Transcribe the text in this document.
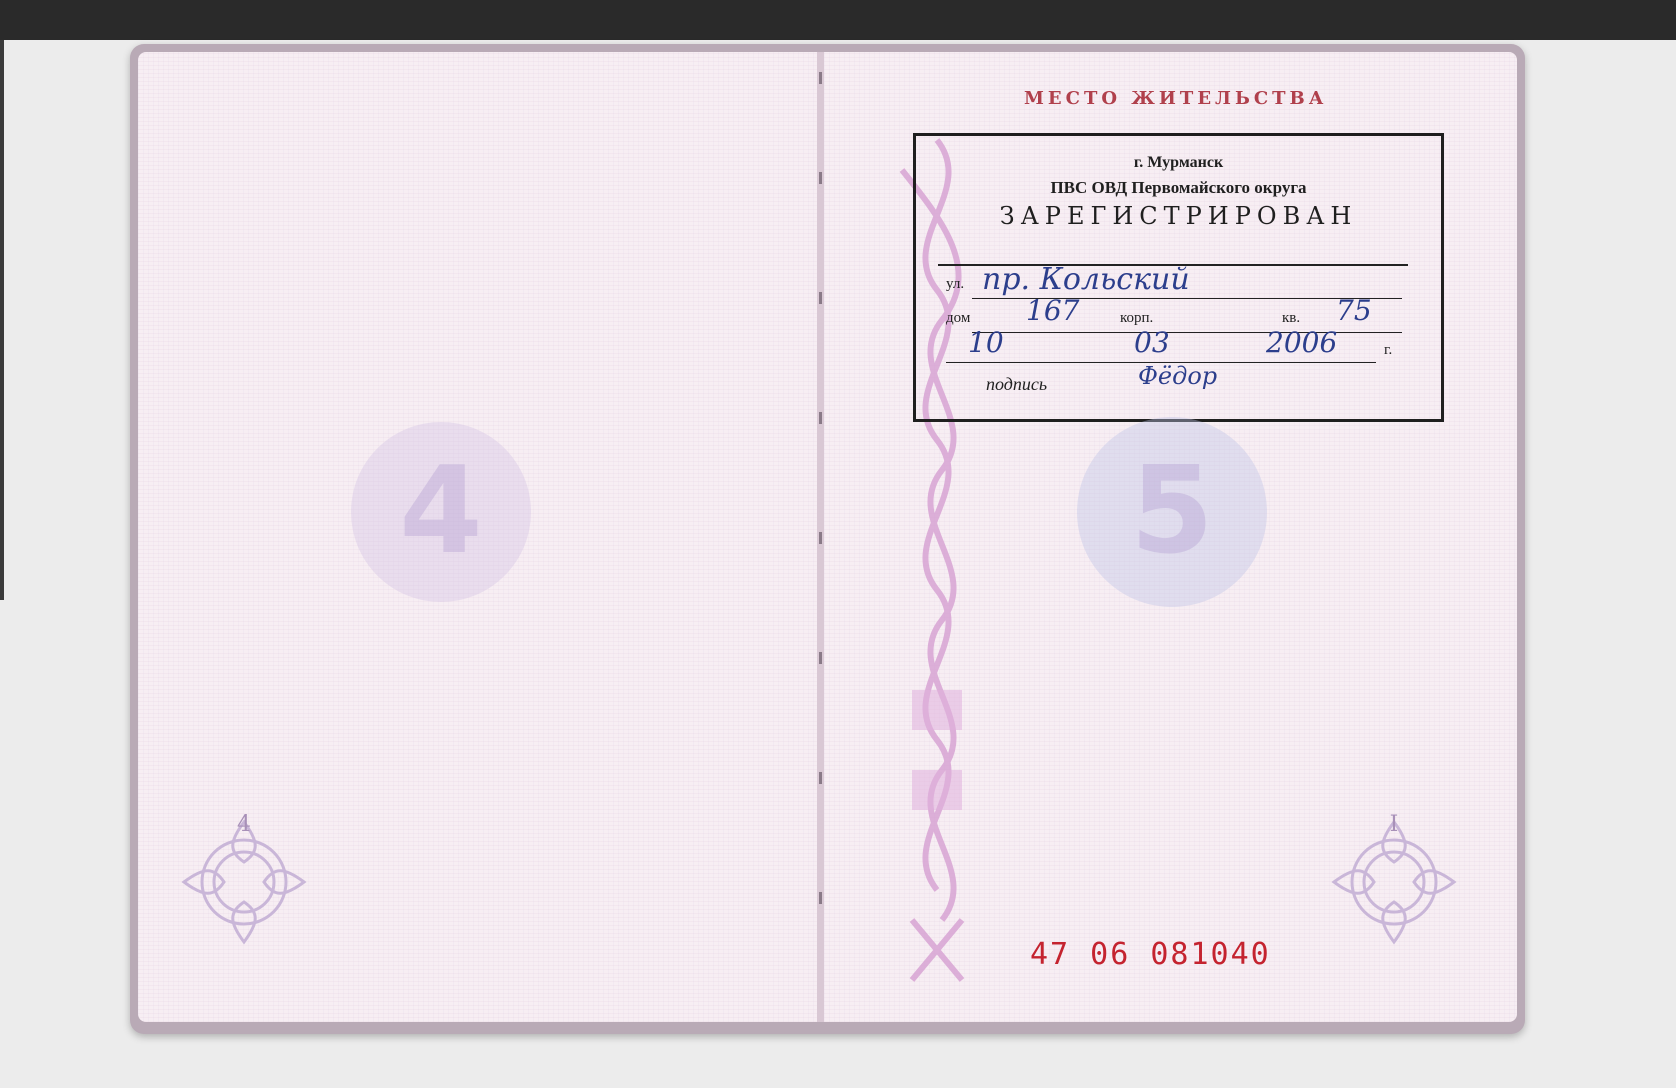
4
4
МЕСТО ЖИТЕЛЬСТВА
г. Мурманск
ПВС ОВД Первомайского округа
ЗАРЕГИСТРИРОВАН
ул. пр. Кольский
дом 167	корп.	кв. 75
10	03	2006	г.
подпись	Фёдор
5
I
47 06 081040
